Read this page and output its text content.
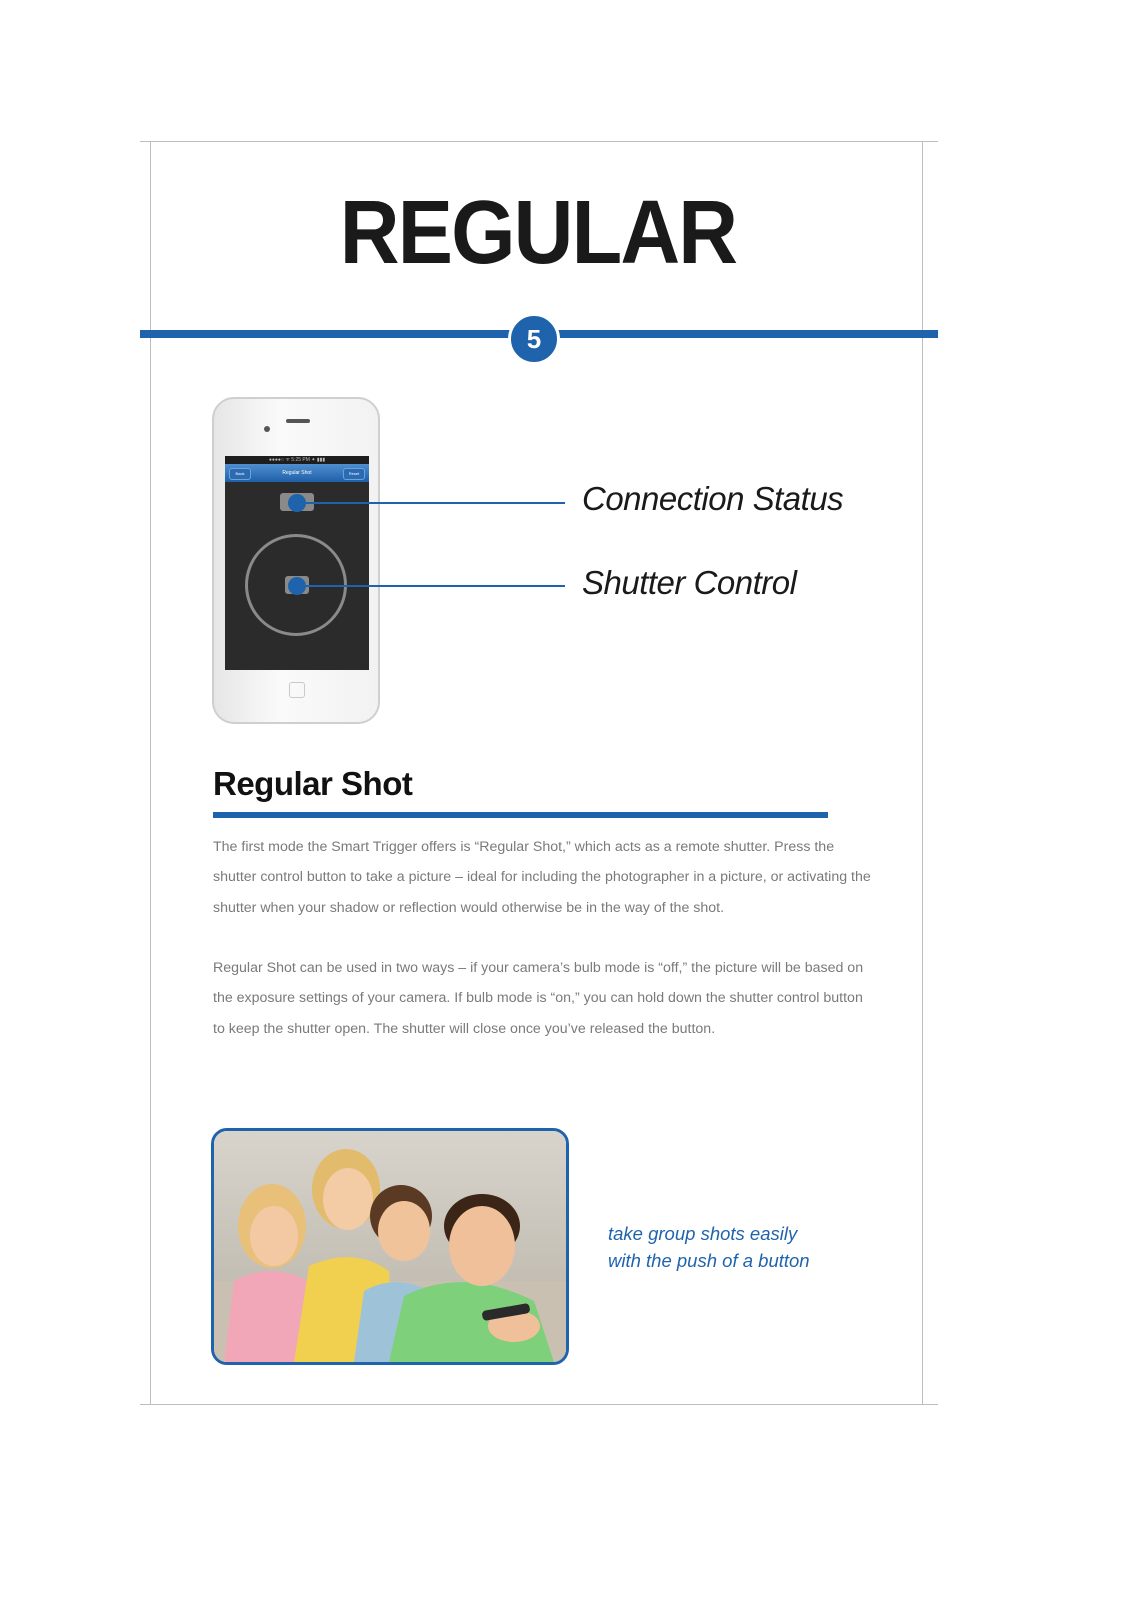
REGULAR
5
●●●●○ ᯤ 5:25 PM ✦ ▮▮▮
Back	Regular Shot	Reset
Connection Status
Shutter Control
Regular Shot

The first mode the Smart Trigger offers is “Regular Shot,” which acts as a remote shutter. Press the shutter control button to take a picture – ideal for including the photographer in a picture, or activating the shutter when your shadow or reflection would otherwise be in the way of the shot.

Regular Shot can be used in two ways – if your camera’s bulb mode is “off,” the picture will be based on the exposure settings of your camera. If bulb mode is “on,” you can hold down the shutter control button to keep the shutter open. The shutter will close once you’ve released the button.

take group shots easily
with the push of a button
